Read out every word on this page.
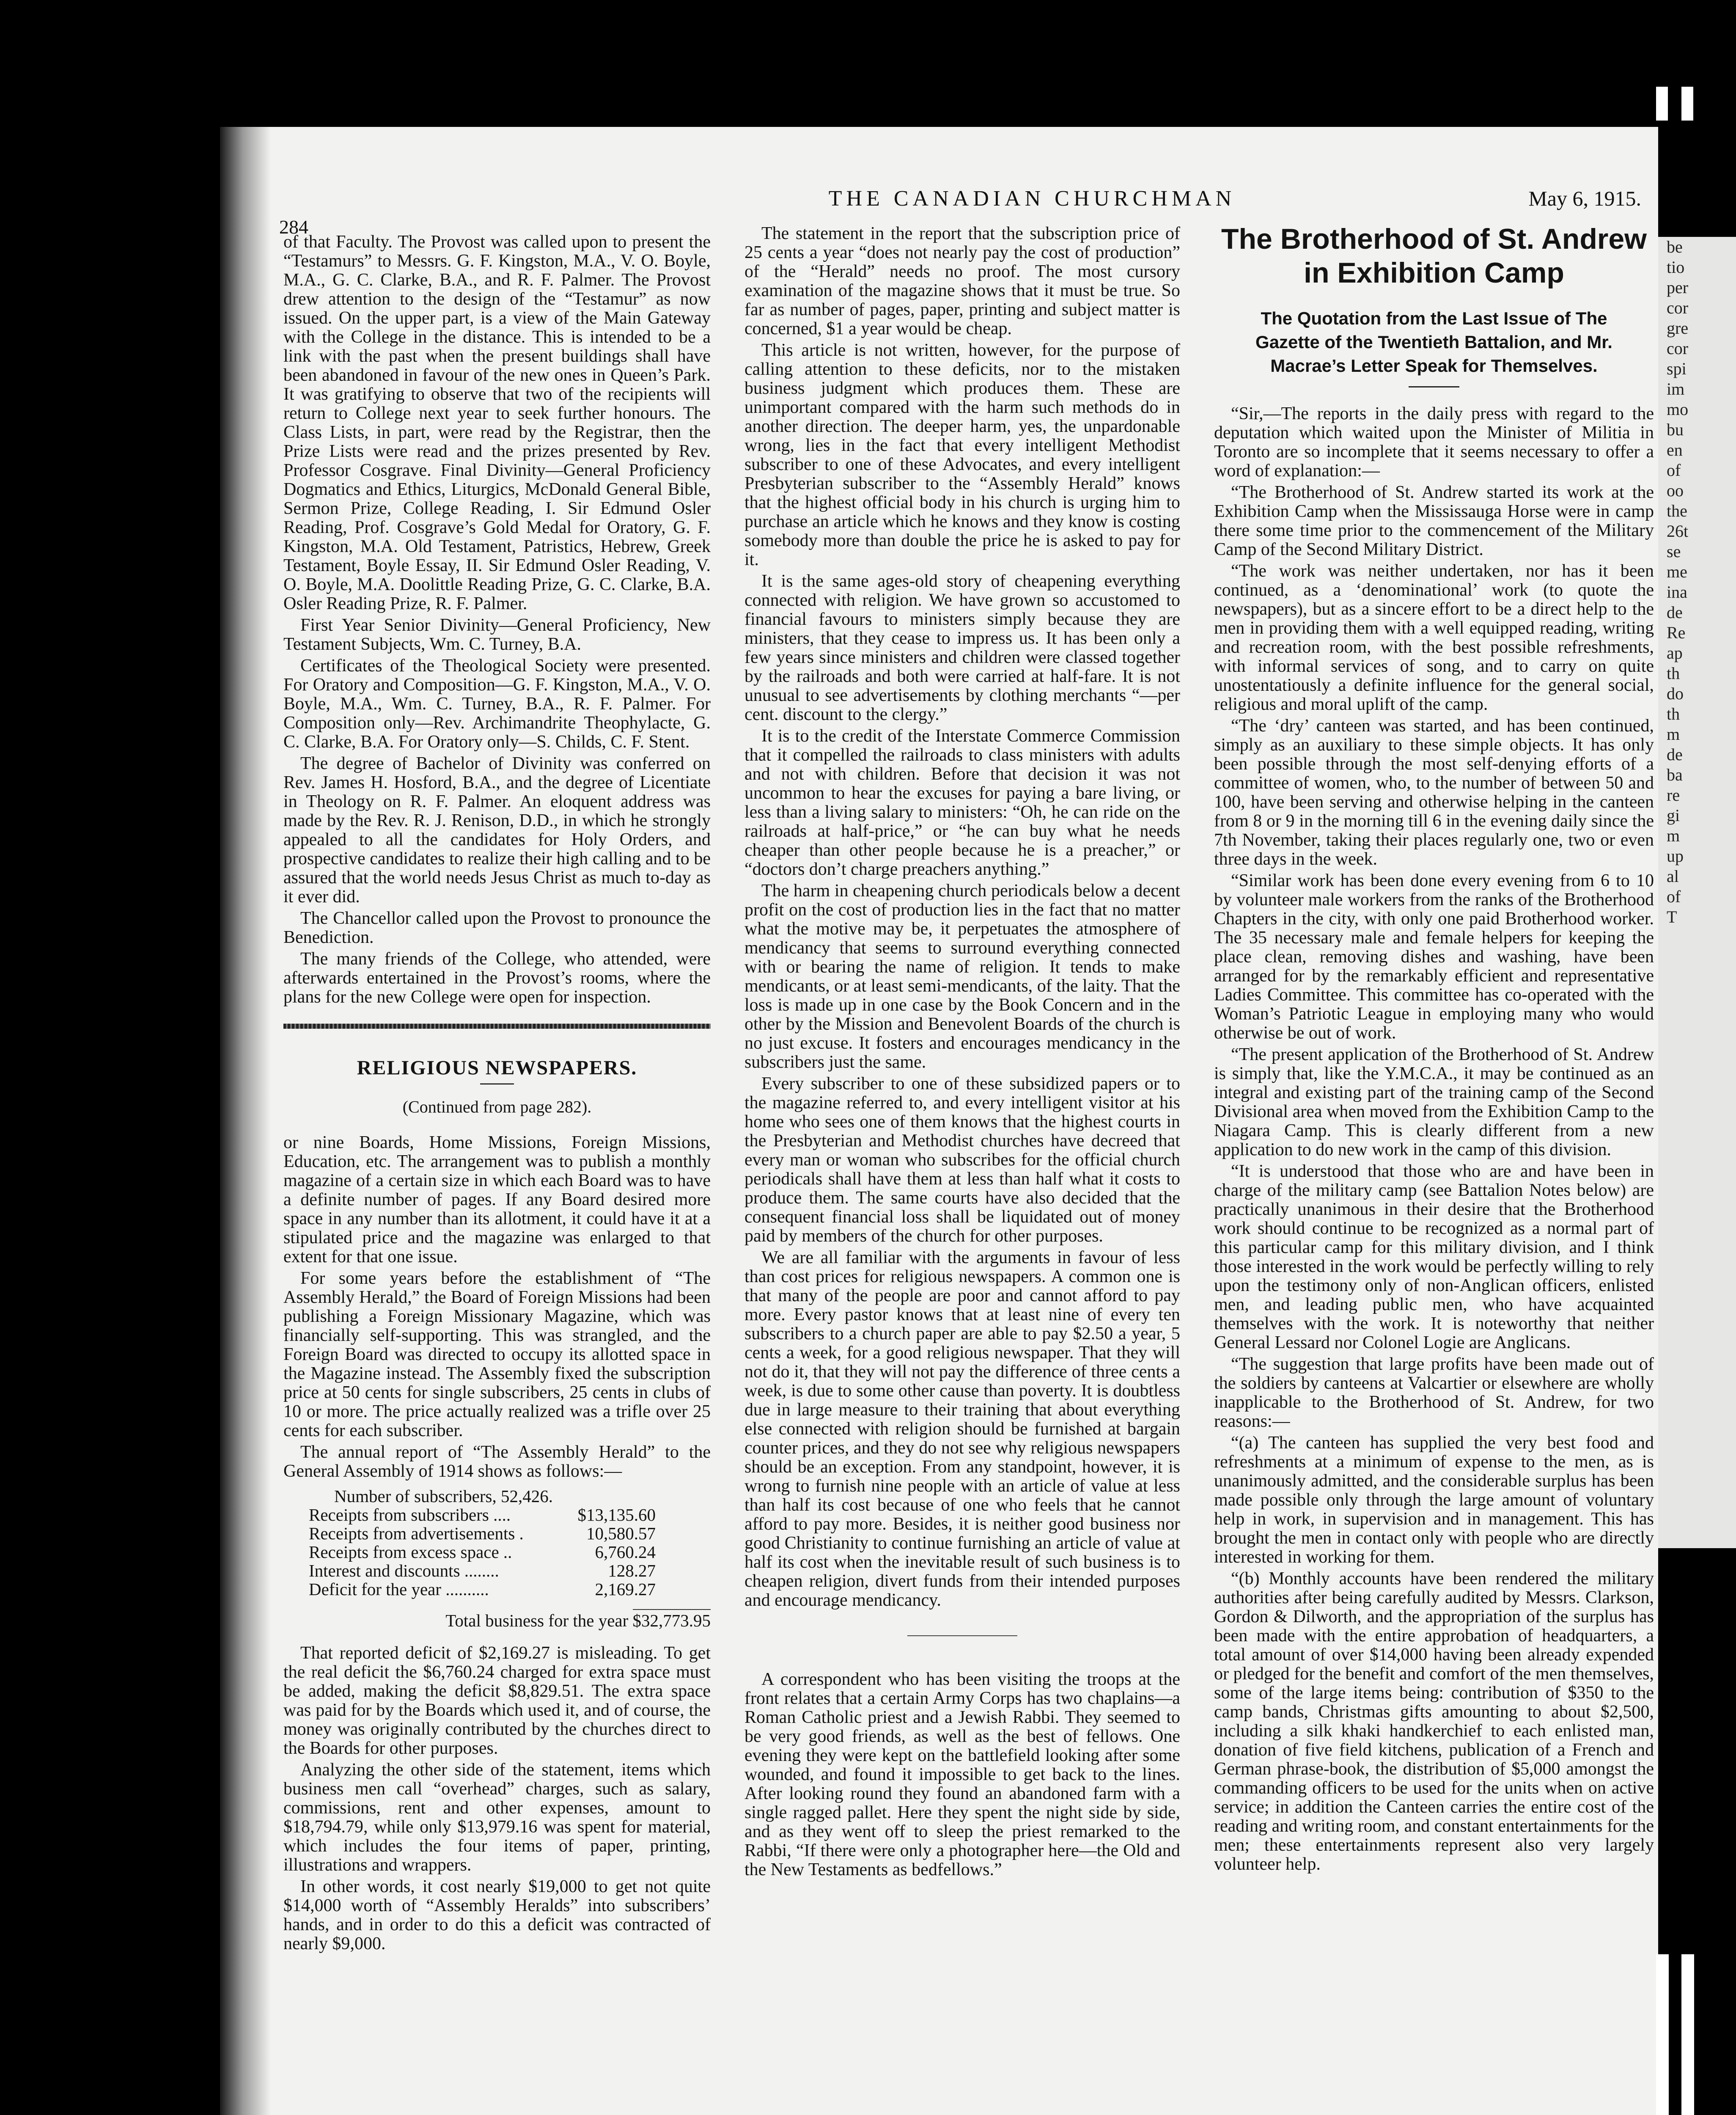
284
THE CANADIAN CHURCHMAN	May 6, 1915.

of that Faculty. The Provost was called upon to present the “Testamurs” to Messrs. G. F. Kingston, M.A., V. O. Boyle, M.A., G. C. Clarke, B.A., and R. F. Palmer. The Provost drew attention to the design of the “Testamur” as now issued. On the upper part, is a view of the Main Gateway with the College in the distance. This is intended to be a link with the past when the present buildings shall have been abandoned in favour of the new ones in Queen’s Park. It was gratifying to observe that two of the recipients will return to College next year to seek further honours. The Class Lists, in part, were read by the Registrar, then the Prize Lists were read and the prizes presented by Rev. Professor Cosgrave. Final Divinity—General Proficiency Dogmatics and Ethics, Liturgics, McDonald General Bible, Sermon Prize, College Reading, I. Sir Edmund Osler Reading, Prof. Cosgrave’s Gold Medal for Oratory, G. F. Kingston, M.A. Old Testament, Patristics, Hebrew, Greek Testament, Boyle Essay, II. Sir Edmund Osler Reading, V. O. Boyle, M.A. Doolittle Reading Prize, G. C. Clarke, B.A. Osler Reading Prize, R. F. Palmer.

First Year Senior Divinity—General Proficiency, New Testament Subjects, Wm. C. Turney, B.A.

Certificates of the Theological Society were presented. For Oratory and Composition—G. F. Kingston, M.A., V. O. Boyle, M.A., Wm. C. Turney, B.A., R. F. Palmer. For Composition only—Rev. Archimandrite Theophylacte, G. C. Clarke, B.A. For Oratory only—S. Childs, C. F. Stent.

The degree of Bachelor of Divinity was conferred on Rev. James H. Hosford, B.A., and the degree of Licentiate in Theology on R. F. Palmer. An eloquent address was made by the Rev. R. J. Renison, D.D., in which he strongly appealed to all the candidates for Holy Orders, and prospective candidates to realize their high calling and to be assured that the world needs Jesus Christ as much to-day as it ever did.

The Chancellor called upon the Provost to pronounce the Benediction.

The many friends of the College, who attended, were afterwards entertained in the Provost’s rooms, where the plans for the new College were open for inspection.

RELIGIOUS NEWSPAPERS.
(Continued from page 282).

or nine Boards, Home Missions, Foreign Missions, Education, etc. The arrangement was to publish a monthly magazine of a certain size in which each Board was to have a definite number of pages. If any Board desired more space in any number than its allotment, it could have it at a stipulated price and the magazine was enlarged to that extent for that one issue.

For some years before the establishment of “The Assembly Herald,” the Board of Foreign Missions had been publishing a Foreign Missionary Magazine, which was financially self-supporting. This was strangled, and the Foreign Board was directed to occupy its allotted space in the Magazine instead. The Assembly fixed the subscription price at 50 cents for single subscribers, 25 cents in clubs of 10 or more. The price actually realized was a trifle over 25 cents for each subscriber.

The annual report of “The Assembly Herald” to the General Assembly of 1914 shows as follows:—

Number of subscribers, 52,426.
Receipts from subscribers ....	$13,135.60
Receipts from advertisements .	10,580.57
Receipts from excess space ..	6,760.24
Interest and discounts ........	128.27
Deficit for the year ..........	2,169.27
Total business for the year $32,773.95

That reported deficit of $2,169.27 is misleading. To get the real deficit the $6,760.24 charged for extra space must be added, making the deficit $8,829.51. The extra space was paid for by the Boards which used it, and of course, the money was originally contributed by the churches direct to the Boards for other purposes.

Analyzing the other side of the statement, items which business men call “overhead” charges, such as salary, commissions, rent and other expenses, amount to $18,794.79, while only $13,979.16 was spent for material, which includes the four items of paper, printing, illustrations and wrappers.

In other words, it cost nearly $19,000 to get not quite $14,000 worth of “Assembly Heralds” into subscribers’ hands, and in order to do this a deficit was contracted of nearly $9,000.

The statement in the report that the subscription price of 25 cents a year “does not nearly pay the cost of production” of the “Herald” needs no proof. The most cursory examination of the magazine shows that it must be true. So far as number of pages, paper, printing and subject matter is concerned, $1 a year would be cheap.

This article is not written, however, for the purpose of calling attention to these deficits, nor to the mistaken business judgment which produces them. These are unimportant compared with the harm such methods do in another direction. The deeper harm, yes, the unpardonable wrong, lies in the fact that every intelligent Methodist subscriber to one of these Advocates, and every intelligent Presbyterian subscriber to the “Assembly Herald” knows that the highest official body in his church is urging him to purchase an article which he knows and they know is costing somebody more than double the price he is asked to pay for it.

It is the same ages-old story of cheapening everything connected with religion. We have grown so accustomed to financial favours to ministers simply because they are ministers, that they cease to impress us. It has been only a few years since ministers and children were classed together by the railroads and both were carried at half-fare. It is not unusual to see advertisements by clothing merchants “—per cent. discount to the clergy.”

It is to the credit of the Interstate Commerce Commission that it compelled the railroads to class ministers with adults and not with children. Before that decision it was not uncommon to hear the excuses for paying a bare living, or less than a living salary to ministers: “Oh, he can ride on the railroads at half-price,” or “he can buy what he needs cheaper than other people because he is a preacher,” or “doctors don’t charge preachers anything.”

The harm in cheapening church periodicals below a decent profit on the cost of production lies in the fact that no matter what the motive may be, it perpetuates the atmosphere of mendicancy that seems to surround everything connected with or bearing the name of religion. It tends to make mendicants, or at least semi-mendicants, of the laity. That the loss is made up in one case by the Book Concern and in the other by the Mission and Benevolent Boards of the church is no just excuse. It fosters and encourages mendicancy in the subscribers just the same.

Every subscriber to one of these subsidized papers or to the magazine referred to, and every intelligent visitor at his home who sees one of them knows that the highest courts in the Presbyterian and Methodist churches have decreed that every man or woman who subscribes for the official church periodicals shall have them at less than half what it costs to produce them. The same courts have also decided that the consequent financial loss shall be liquidated out of money paid by members of the church for other purposes.

We are all familiar with the arguments in favour of less than cost prices for religious newspapers. A common one is that many of the people are poor and cannot afford to pay more. Every pastor knows that at least nine of every ten subscribers to a church paper are able to pay $2.50 a year, 5 cents a week, for a good religious newspaper. That they will not do it, that they will not pay the difference of three cents a week, is due to some other cause than poverty. It is doubtless due in large measure to their training that about everything else connected with religion should be furnished at bargain counter prices, and they do not see why religious newspapers should be an exception. From any standpoint, however, it is wrong to furnish nine people with an article of value at less than half its cost because of one who feels that he cannot afford to pay more. Besides, it is neither good business nor good Christianity to continue furnishing an article of value at half its cost when the inevitable result of such business is to cheapen religion, divert funds from their intended purposes and encourage mendicancy.

A correspondent who has been visiting the troops at the front relates that a certain Army Corps has two chaplains—a Roman Catholic priest and a Jewish Rabbi. They seemed to be very good friends, as well as the best of fellows. One evening they were kept on the battlefield looking after some wounded, and found it impossible to get back to the lines. After looking round they found an abandoned farm with a single ragged pallet. Here they spent the night side by side, and as they went off to sleep the priest remarked to the Rabbi, “If there were only a photographer here—the Old and the New Testaments as bedfellows.”

The Brotherhood of St. Andrew in Exhibition Camp
The Quotation from the Last Issue of The Gazette of the Twentieth Battalion, and Mr. Macrae’s Letter Speak for Themselves.

“Sir,—The reports in the daily press with regard to the deputation which waited upon the Minister of Militia in Toronto are so incomplete that it seems necessary to offer a word of explanation:—

“The Brotherhood of St. Andrew started its work at the Exhibition Camp when the Mississauga Horse were in camp there some time prior to the commencement of the Military Camp of the Second Military District.

“The work was neither undertaken, nor has it been continued, as a ‘denominational’ work (to quote the newspapers), but as a sincere effort to be a direct help to the men in providing them with a well equipped reading, writing and recreation room, with the best possible refreshments, with informal services of song, and to carry on quite unostentatiously a definite influence for the general social, religious and moral uplift of the camp.

“The ‘dry’ canteen was started, and has been continued, simply as an auxiliary to these simple objects. It has only been possible through the most self-denying efforts of a committee of women, who, to the number of between 50 and 100, have been serving and otherwise helping in the canteen from 8 or 9 in the morning till 6 in the evening daily since the 7th November, taking their places regularly one, two or even three days in the week.

“Similar work has been done every evening from 6 to 10 by volunteer male workers from the ranks of the Brotherhood Chapters in the city, with only one paid Brotherhood worker. The 35 necessary male and female helpers for keeping the place clean, removing dishes and washing, have been arranged for by the remarkably efficient and representative Ladies Committee. This committee has co-operated with the Woman’s Patriotic League in employing many who would otherwise be out of work.

“The present application of the Brotherhood of St. Andrew is simply that, like the Y.M.C.A., it may be continued as an integral and existing part of the training camp of the Second Divisional area when moved from the Exhibition Camp to the Niagara Camp. This is clearly different from a new application to do new work in the camp of this division.

“It is understood that those who are and have been in charge of the military camp (see Battalion Notes below) are practically unanimous in their desire that the Brotherhood work should continue to be recognized as a normal part of this particular camp for this military division, and I think those interested in the work would be perfectly willing to rely upon the testimony only of non-Anglican officers, enlisted men, and leading public men, who have acquainted themselves with the work. It is noteworthy that neither General Lessard nor Colonel Logie are Anglicans.

“The suggestion that large profits have been made out of the soldiers by canteens at Valcartier or elsewhere are wholly inapplicable to the Brotherhood of St. Andrew, for two reasons:—

“(a) The canteen has supplied the very best food and refreshments at a minimum of expense to the men, as is unanimously admitted, and the considerable surplus has been made possible only through the large amount of voluntary help in work, in supervision and in management. This has brought the men in contact only with people who are directly interested in working for them.

“(b) Monthly accounts have been rendered the military authorities after being carefully audited by Messrs. Clarkson, Gordon & Dilworth, and the appropriation of the surplus has been made with the entire approbation of headquarters, a total amount of over $14,000 having been already expended or pledged for the benefit and comfort of the men themselves, some of the large items being: contribution of $350 to the camp bands, Christmas gifts amounting to about $2,500, including a silk khaki handkerchief to each enlisted man, donation of five field kitchens, publication of a French and German phrase-book, the distribution of $5,000 amongst the commanding officers to be used for the units when on active service; in addition the Canteen carries the entire cost of the reading and writing room, and constant entertainments for the men; these entertainments represent also very largely volunteer help.

be
tio
per
cor
gre
cor
spi
im
mo
bu
en
of
oo
the
26t
se
me
ina
de
Re
ap
th
do
th
m
de
ba
re
gi
m
up
al
of
T
